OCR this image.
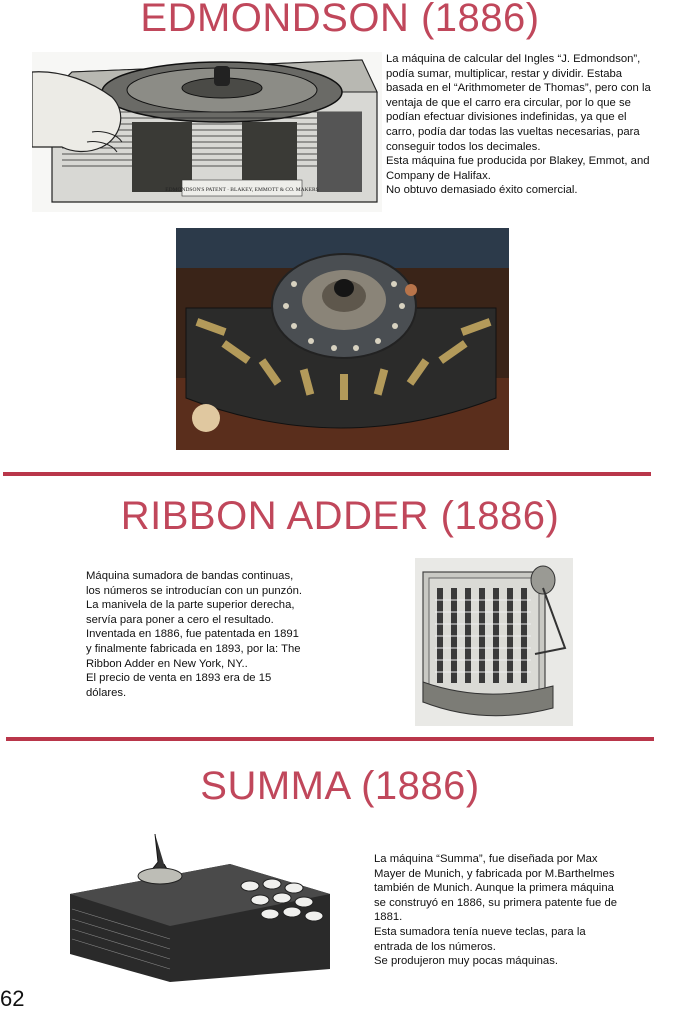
EDMONDSON (1886)
EDMONDSON'S PATENT · BLAKEY, EMMOTT & CO. MAKERS
La máquina de calcular del Ingles “J. Edmondson”,
podía sumar, multiplicar, restar y dividir. Estaba
basada en el “Arithmometer de Thomas”, pero con la
ventaja de que el carro era circular, por lo que se
podían efectuar divisiones indefinidas, ya que el
carro, podía dar todas las vueltas necesarias, para
conseguir todos los decimales.
Esta máquina fue producida por Blakey, Emmot, and
Company de Halifax.
No obtuvo demasiado éxito comercial.
RIBBON ADDER (1886)
Máquina sumadora de bandas continuas,
los números se introducían con un punzón.
La manivela de la parte superior derecha,
servía para poner a cero el resultado.
Inventada en 1886, fue patentada en 1891
y finalmente fabricada en 1893, por la: The
Ribbon Adder en New York, NY..
El precio de venta en 1893 era de 15
dólares.
SUMMA (1886)
La máquina “Summa”, fue diseñada por Max
Mayer de Munich, y fabricada por M.Barthelmes
también de Munich. Aunque la primera máquina
se construyó en 1886, su primera patente fue de
1881.
Esta sumadora tenía nueve teclas, para la
entrada de los números.
Se produjeron muy pocas máquinas.
62
